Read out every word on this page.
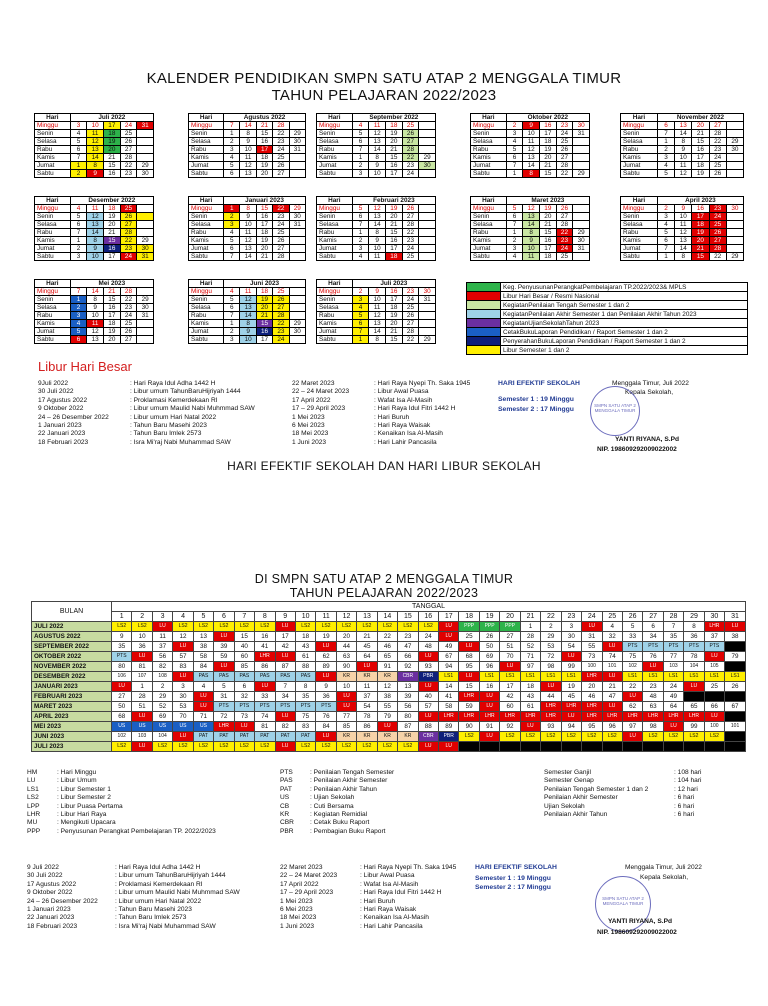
KALENDER PENDIDIKAN SMPN SATU ATAP 2 MENGGALA TIMUR
TAHUN PELAJARAN 2022/2023
Hari	Juli 2022				
Minggu	3	10	17	24	31
Senin	4	11	18	25	
Selasa	5	12	19	26	
Rabu	6	13	20	27	
Kamis	7	14	21	28	
Jumat	1	8	15	22	29
Sabtu	2	9	16	23	30
Hari	Agustus 2022				
Minggu	7	14	21	28	
Senin	1	8	15	22	29
Selasa	2	9	16	23	30
Rabu	3	10	17	24	31
Kamis	4	11	18	25	
Jumat	5	12	19	26	
Sabtu	6	13	20	27	
Hari	September 2022				
Minggu	4	11	18	25	
Senin	5	12	19	26	
Selasa	6	13	20	27	
Rabu	7	14	21	28	
Kamis	1	8	15	22	29
Jumat	2	9	16	23	30
Sabtu	3	10	17	24	
Hari	Oktober 2022				
Minggu	2	9	16	23	30
Senin	3	10	17	24	31
Selasa	4	11	18	25	
Rabu	5	12	19	26	
Kamis	6	13	20	27	
Jumat	7	14	21	28	
Sabtu	1	8	15	22	29
Hari	November 2022				
Minggu	6	13	20	27	
Senin	7	14	21	28	
Selasa	1	8	15	22	29
Rabu	2	9	16	23	30
Kamis	3	10	17	24	
Jumat	4	11	18	25	
Sabtu	5	12	19	26	
Hari	Desember 2022				
Minggu	4	11	18	25	
Senin	5	12	19	26	
Selasa	6	13	20	27	
Rabu	7	14	21	28	
Kamis	1	8	15	22	29
Jumat	2	9	16	23	30
Sabtu	3	10	17	24	31
Hari	Januari 2023				
Minggu	1	8	15	22	29
Senin	2	9	16	23	30
Selasa	3	10	17	24	31
Rabu	4	11	18	25	
Kamis	5	12	19	26	
Jumat	6	13	20	27	
Sabtu	7	14	21	28	
Hari	Februari 2023				
Minggu	5	12	19	26	
Senin	6	13	20	27	
Selasa	7	14	21	28	
Rabu	1	8	15	22	
Kamis	2	9	16	23	
Jumat	3	10	17	24	
Sabtu	4	11	18	25	
Hari	Maret 2023				
Minggu	5	12	19	26	
Senin	6	13	20	27	
Selasa	7	14	21	28	
Rabu	1	8	15	22	29
Kamis	2	9	16	23	30
Jumat	3	10	17	24	31
Sabtu	4	11	18	25	
Hari	April 2023				
Minggu	2	9	16	23	30
Senin	3	10	17	24	
Selasa	4	11	18	25	
Rabu	5	12	19	26	
Kamis	6	13	20	27	
Jumat	7	14	21	28	
Sabtu	1	8	15	22	29
Hari	Mei 2023				
Minggu	7	14	21	28	
Senin	1	8	15	22	29
Selasa	2	9	16	23	30
Rabu	3	10	17	24	31
Kamis	4	11	18	25	
Jumat	5	12	19	26	
Sabtu	6	13	20	27	
Hari	Juni 2023				
Minggu	4	11	18	25	
Senin	5	12	19	26	
Selasa	6	13	20	27	
Rabu	7	14	21	28	
Kamis	1	8	15	22	29
Jumat	2	9	16	23	30
Sabtu	3	10	17	24	
Hari	Juli 2023				
Minggu	2	9	16	23	30
Senin	3	10	17	24	31
Selasa	4	11	18	25	
Rabu	5	12	19	26	
Kamis	6	13	20	27	
Jumat	7	14	21	28	
Sabtu	1	8	15	22	29
	Keg. PenyusunanPerangkatPembelajaran TP.2022/2023& MPLS
	Libur Hari Besar / Resmi Nasional
	KegiatanPenilaian Tengah Semester 1 dan 2
	KegiatanPenilaian Akhir Semester 1 dan Penilaian Akhir Tahun 2023
	KegiatanUjianSekolahTahun 2023
	CetakBukuLaporan Pendidikan / Raport Semester 1 dan 2
	PenyerahanBukuLaporan Pendidikan / Raport Semester 1 dan 2
	Libur Semester 1 dan 2
Libur Hari Besar
9Juli 2022	: Hari Raya Idul Adha 1442 H
30 Juli 2022	: Libur umum TahunBaruHijriyah 1444
17 Agustus 2022	: Proklamasi Kemerdekaan RI
9 Oktober 2022	: Libur umum Maulid Nabi Muhmmad SAW
24 – 26 Desember 2022	: Libur umum Hari Natal 2022
1 Januari 2023	: Tahun Baru Masehi 2023
22 Januari 2023	: Tahun Baru Imlek 2573
18 Februari 2023	: Isra Mi'raj Nabi Muhammad SAW
22 Maret 2023	: Hari Raya Nyepi Th. Saka 1945
22 – 24 Maret 2023	: Libur Awal Puasa
17 April 2022	: Wafat Isa Al-Masih
17 – 29 April 2023	: Hari Raya Idul Fitri 1442 H
1 Mei 2023	: Hari Buruh
6 Mei 2023	: Hari Raya Waisak
18 Mei 2023	: Kenaikan Isa Al-Masih
1 Juni 2023	: Hari Lahir Pancasila
HARI EFEKTIF SEKOLAH
Semester 1 : 19 Minggu
Semester 2 : 17 Minggu
Menggala Timur, Juli 2022
Kepala Sekolah,
SMPN SATU ATAP 2 MENGGALA TIMUR
YANTI RIYANA, S.Pd
NIP. 198609292009022002
HARI EFEKTIF SEKOLAH DAN HARI LIBUR SEKOLAH
DI SMPN SATU ATAP 2 MENGGALA TIMUR
TAHUN PELAJARAN 2022/2023
BULAN	TANGGAL																														
	1	2	3	4	5	6	7	8	9	10	11	12	13	14	15	16	17	18	19	20	21	22	23	24	25	26	27	28	29	30	31
JULI 2022	LS2	LS2	LU	LS2	LS2	LS2	LS2	LS2	LU	LS2	LS2	LS2	LS2	LS2	LS2	LS2	LU	PPP	PPP	PPP	1	2	3	LU	4	5	6	7	8	LHR	LU
AGUSTUS 2022	9	10	11	12	13	LU	15	16	17	18	19	20	21	22	23	24	LU	25	26	27	28	29	30	31	32	33	34	35	36	37	38
SEPTEMBER 2022	35	36	37	LU	38	39	40	41	42	43	LU	44	45	46	47	48	49	LU	50	51	52	53	54	55	LU	PTS	PTS	PTS	PTS	PTS	
OKTOBER 2022	PTS	LU	56	57	58	59	60	LHR	LU	61	62	63	64	65	66	LU	67	68	69	70	71	72	LU	73	74	75	76	77	78	LU	79
NOVEMBER 2022	80	81	82	83	84	LU	85	86	87	88	89	90	LU	91	92	93	94	95	96	LU	97	98	99	100	101	102	LU	103	104	105	
DESEMBER 2022	106	107	108	LU	PAS	PAS	PAS	PAS	PAS	PAS	LU	KR	KR	KR	CBR	PBR	LS1	LU	LS1	LS1	LS1	LS1	LS1	LHR	LU	LS1	LS1	LS1	LS1	LS1	LS1
JANUARI 2023	LU	1	2	3	4	5	6	LU	7	8	9	10	11	12	13	LU	14	15	16	17	18	LU	19	20	21	22	23	24	LU	25	26
FEBRUARI 2023	27	28	29	30	LU	31	32	33	34	35	36	LU	37	38	39	40	41	LHR	LU	42	43	44	45	46	47	LU	48	49			
MARET 2023	50	51	52	53	LU	PTS	PTS	PTS	PTS	PTS	PTS	LU	54	55	56	57	58	59	LU	60	61	LHR	LHR	LHR	LU	62	63	64	65	66	67
APRIL 2023	68	LU	69	70	71	72	73	74	LU	75	76	77	78	79	80	LU	LHR	LHR	LHR	LHR	LHR	LHR	LU	LHR	LHR	LHR	LHR	LHR	LHR	LU	
MEI 2023	US	US	US	US	US	LHR	LU	81	82	83	84	85	86	LU	87	88	89	90	91	92	LU	93	94	95	96	97	98	LU	99	100	101
JUNI 2023	102	103	104	LU	PAT	PAT	PAT	PAT	PAT	PAT	LU	KR	KR	KR	KR	CBR	PBR	LS2	LU	LS2	LS2	LS2	LS2	LS2	LS2	LU	LS2	LS2	LS2	LS2	
JULI 2023	LS2	LU	LS2	LS2	LS2	LS2	LS2	LS2	LU	LS2	LS2	LS2	LS2	LS2	LS2	LU	LU														
HM	: Hari Minggu
LU	: Libur Umum
LS1	: Libur Semester 1
LS2	: Libur Semester 2
LPP	: Libur Puasa Pertama
LHR	: Libur Hari Raya
MU	: Mengikuti Upacara
PPP	: Penyusunan Perangkat Pembelajaran TP. 2022/2023
PTS	: Penilaian Tengah Semester
PAS	: Penilaian Akhir Semester
PAT	: Penilaian Akhir Tahun
US	: Ujian Sekolah
CB	: Cuti Bersama
KR	: Kegiatan Remidial
CBR	: Cetak Buku Raport
PBR	: Pembagian Buku Raport
Semester Ganjil	: 108 hari
Semester Genap	: 104 hari
Penilaian Tengah Semester 1 dan 2	: 12 hari
Penilaian Akhir Semester	: 6 hari
Ujian Sekolah	: 6 hari
Penilaian Akhir Tahun	: 6 hari
9 Juli 2022	: Hari Raya Idul Adha 1442 H
30 Juli 2022	: Libur umum TahunBaruHijriyah 1444
17 Agustus 2022	: Proklamasi Kemerdekaan RI
9 Oktober 2022	: Libur umum Maulid Nabi Muhmmad SAW
24 – 26 Desember 2022	: Libur umum Hari Natal 2022
1 Januari 2023	: Tahun Baru Masehi 2023
22 Januari 2023	: Tahun Baru Imlek 2573
18 Februari 2023	: Isra Mi'raj Nabi Muhammad SAW
22 Maret 2023	: Hari Raya Nyepi Th. Saka 1945
22 – 24 Maret 2023	: Libur Awal Puasa
17 April 2022	: Wafat Isa Al-Masih
17 – 29 April 2023	: Hari Raya Idul Fitri 1442 H
1 Mei 2023	: Hari Buruh
6 Mei 2023	: Hari Raya Waisak
18 Mei 2023	: Kenaikan Isa Al-Masih
1 Juni 2023	: Hari Lahir Pancasila
HARI EFEKTIF SEKOLAH
Semester 1 : 19 Minggu
Semester 2 : 17 Minggu
Menggala Timur, Juli 2022
Kepala Sekolah,
SMPN SATU ATAP 2 MENGGALA TIMUR
YANTI RIYANA, S.Pd
NIP. 198609292009022002
